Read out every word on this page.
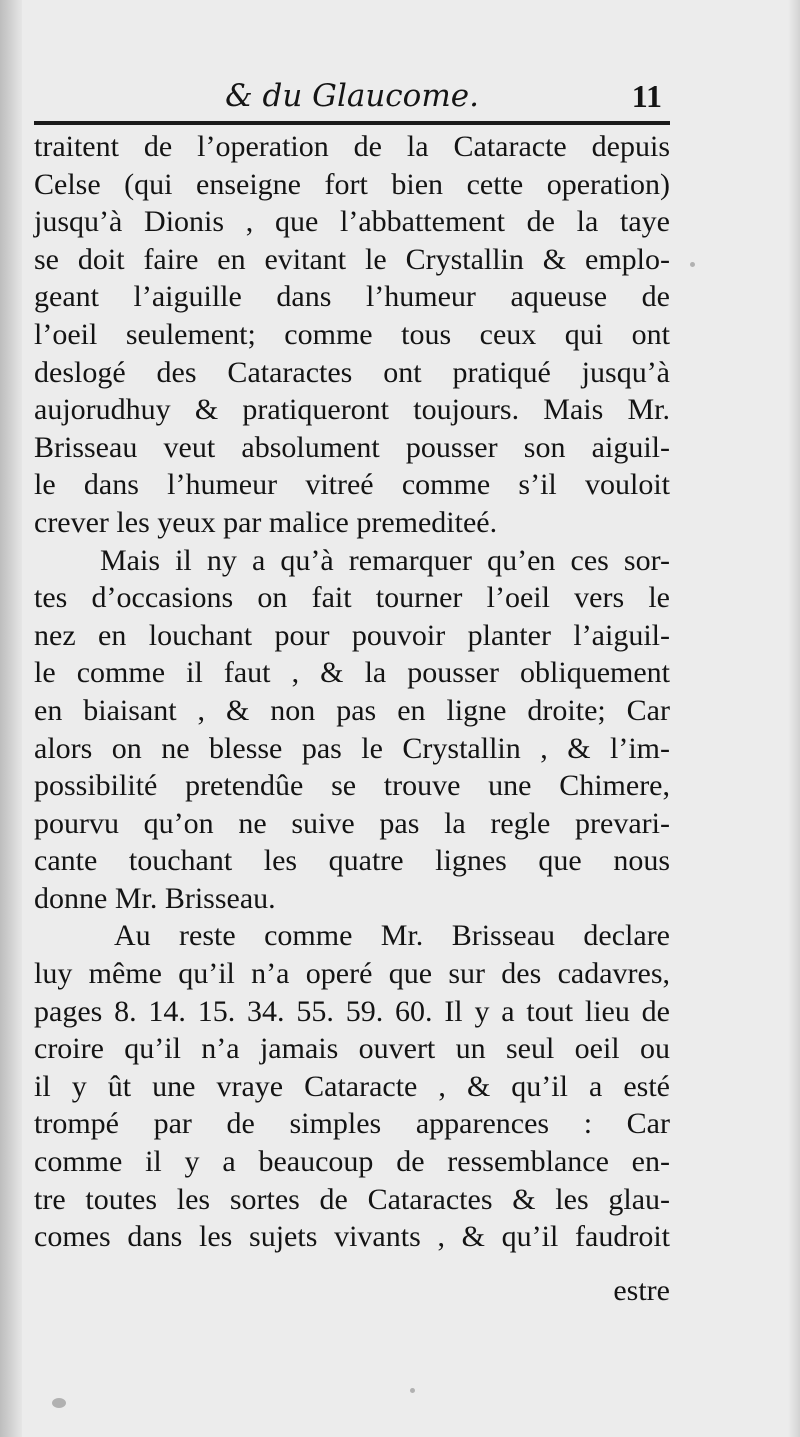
& du Glaucome.	11
traitent de l’operation de la Cataracte depuis
Celse (qui enseigne fort bien cette operation)
jusqu’à Dionis , que l’abbattement de la taye
se doit faire en evitant le Crystallin & emplo-
geant l’aiguille dans l’humeur aqueuse de
l’oeil seulement; comme tous ceux qui ont
deslogé des Cataractes ont pratiqué jusqu’à
aujorudhuy & pratiqueront toujours. Mais Mr.
Brisseau veut absolument pousser son aiguil-
le dans l’humeur vitreé comme s’il vouloit
crever les yeux par malice premediteé.
Mais il ny a qu’à remarquer qu’en ces sor-
tes d’occasions on fait tourner l’oeil vers le
nez en louchant pour pouvoir planter l’aiguil-
le comme il faut , & la pousser obliquement
en biaisant , & non pas en ligne droite; Car
alors on ne blesse pas le Crystallin , & l’im-
possibilité pretendûe se trouve une Chimere,
pourvu qu’on ne suive pas la regle prevari-
cante touchant les quatre lignes que nous
donne Mr. Brisseau.
Au reste comme Mr. Brisseau declare
luy même qu’il n’a operé que sur des cadavres,
pages 8. 14. 15. 34. 55. 59. 60. Il y a tout lieu de
croire qu’il n’a jamais ouvert un seul oeil ou
il y ût une vraye Cataracte , & qu’il a esté
trompé par de simples apparences : Car
comme il y a beaucoup de ressemblance en-
tre toutes les sortes de Cataractes & les glau-
comes dans les sujets vivants , & qu’il faudroit
estre
